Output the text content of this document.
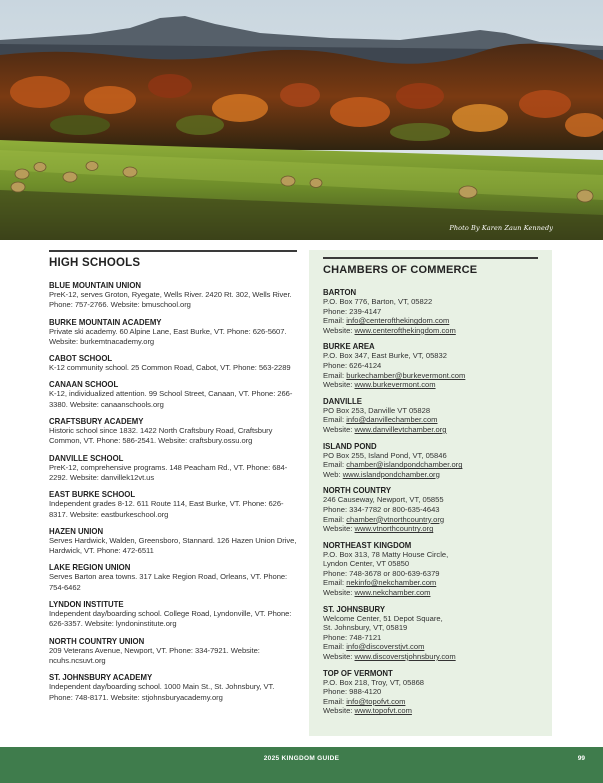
Photo By Karen Zaun Kennedy
HIGH SCHOOLS
BLUE MOUNTAIN UNION
PreK-12, serves Groton, Ryegate, Wells River. 2420 Rt. 302, Wells River. Phone: 757-2766. Website: bmuschool.org
BURKE MOUNTAIN ACADEMY
Private ski academy. 60 Alpine Lane, East Burke, VT. Phone: 626-5607. Website: burkemtnacademy.org
CABOT SCHOOL
K-12 community school. 25 Common Road, Cabot, VT. Phone: 563-2289
CANAAN SCHOOL
K-12, individualized attention. 99 School Street, Canaan, VT. Phone: 266-3380. Website: canaanschools.org
CRAFTSBURY ACADEMY
Historic school since 1832. 1422 North Craftsbury Road, Craftsbury Common, VT. Phone: 586-2541. Website: craftsbury.ossu.org
DANVILLE SCHOOL
PreK-12, comprehensive programs. 148 Peacham Rd., VT. Phone: 684-2292. Website: danvillek12vt.us
EAST BURKE SCHOOL
Independent grades 8-12. 611 Route 114, East Burke, VT. Phone: 626-8317. Website: eastburkeschool.org
HAZEN UNION
Serves Hardwick, Walden, Greensboro, Stannard. 126 Hazen Union Drive, Hardwick, VT. Phone: 472-6511
LAKE REGION UNION
Serves Barton area towns. 317 Lake Region Road, Orleans, VT. Phone: 754-6462
LYNDON INSTITUTE
Independent day/boarding school. College Road, Lyndonville, VT. Phone: 626-3357. Website: lyndoninstitute.org
NORTH COUNTRY UNION
209 Veterans Avenue, Newport, VT. Phone: 334-7921. Website: ncuhs.ncsuvt.org
ST. JOHNSBURY ACADEMY
Independent day/boarding school. 1000 Main St., St. Johnsbury, VT. Phone: 748-8171. Website: stjohnsburyacademy.org
CHAMBERS OF COMMERCE
BARTON
P.O. Box 776, Barton, VT, 05822
Phone: 239-4147
Email: info@centerofthekingdom.com
Website: www.centerofthekingdom.com
BURKE AREA
P.O. Box 347, East Burke, VT, 05832
Phone: 626-4124
Email: burkechamber@burkevermont.com
Website: www.burkevermont.com
DANVILLE
PO Box 253, Danville VT 05828
Email: info@danvillechamber.com
Website: www.danvillevtchamber.org
ISLAND POND
PO Box 255, Island Pond, VT, 05846
Email: chamber@islandpondchamber.org
Web: www.islandpondchamber.org
NORTH COUNTRY
246 Causeway, Newport, VT, 05855
Phone: 334-7782 or 800-635-4643
Email: chamber@vtnorthcountry.org
Website: www.vtnorthcountry.org
NORTHEAST KINGDOM
P.O. Box 313, 78 Matty House Circle,
Lyndon Center, VT 05850
Phone: 748-3678 or 800-639-6379
Email: nekinfo@nekchamber.com
Website: www.nekchamber.com
ST. JOHNSBURY
Welcome Center, 51 Depot Square,
St. Johnsbury, VT, 05819
Phone: 748-7121
Email: info@discoverstjvt.com
Website: www.discoverstjohnsbury.com
TOP OF VERMONT
P.O. Box 218, Troy, VT, 05868
Phone: 988-4120
Email: info@topofvt.com
Website: www.topofvt.com
2025 KINGDOM GUIDE	99
